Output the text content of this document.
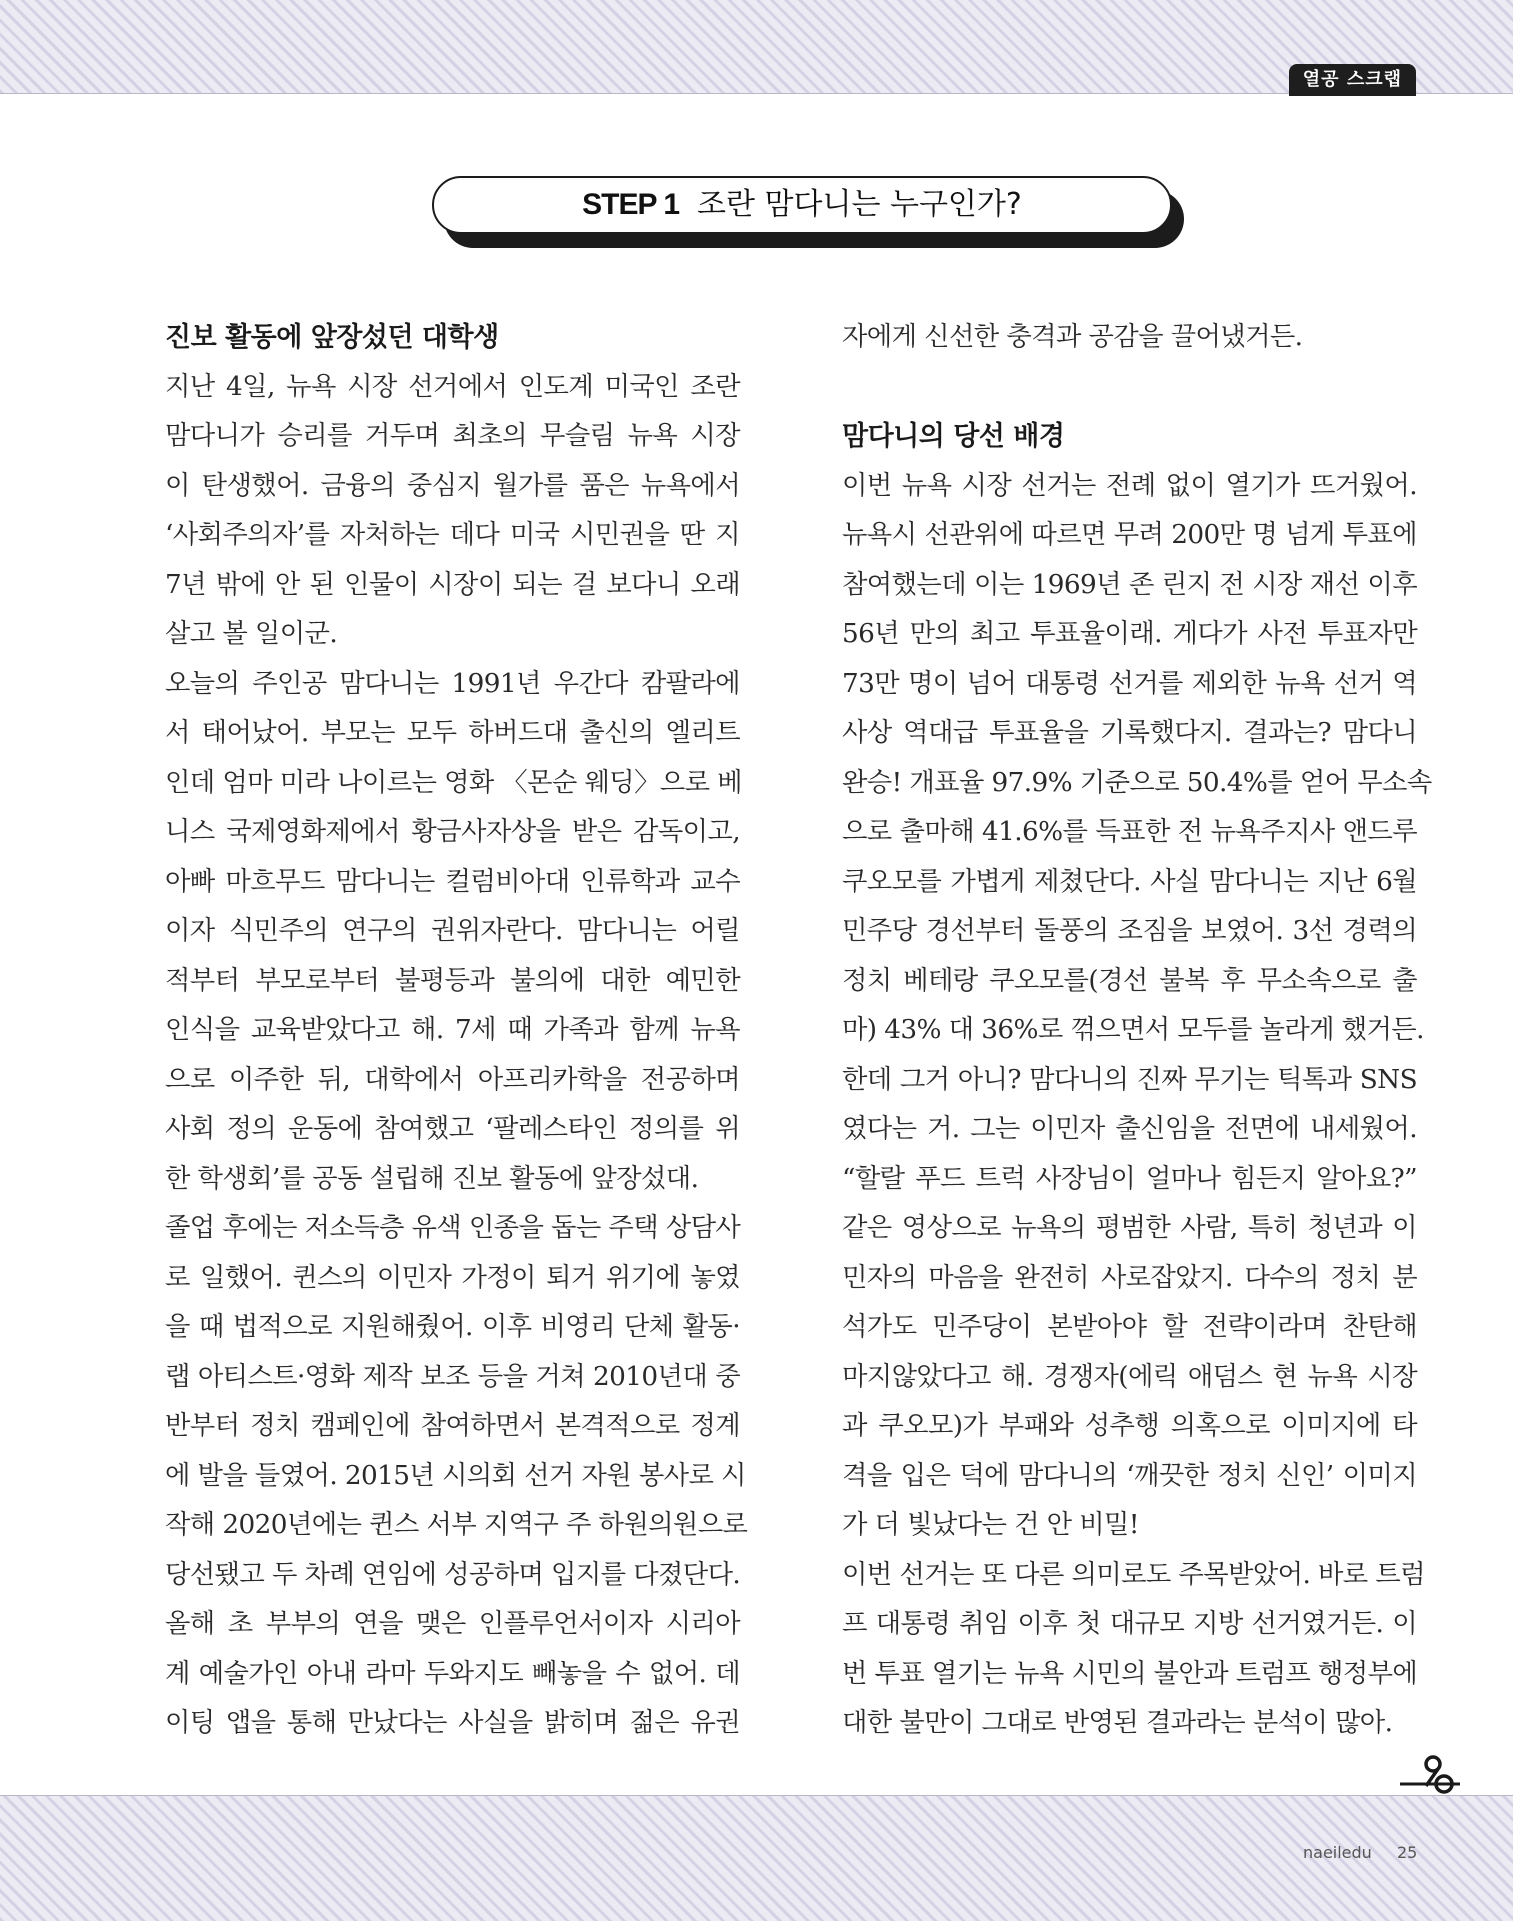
열공 스크랩
STEP 1 조란 맘다니는 누구인가?
진보 활동에 앞장섰던 대학생
지난 4일, 뉴욕 시장 선거에서 인도계 미국인 조란
맘다니가 승리를 거두며 최초의 무슬림 뉴욕 시장
이 탄생했어. 금융의 중심지 월가를 품은 뉴욕에서
‘사회주의자’를 자처하는 데다 미국 시민권을 딴 지
7년 밖에 안 된 인물이 시장이 되는 걸 보다니 오래
살고 볼 일이군.
오늘의 주인공 맘다니는 1991년 우간다 캄팔라에
서 태어났어. 부모는 모두 하버드대 출신의 엘리트
인데 엄마 미라 나이르는 영화 〈몬순 웨딩〉으로 베
니스 국제영화제에서 황금사자상을 받은 감독이고,
아빠 마흐무드 맘다니는 컬럼비아대 인류학과 교수
이자 식민주의 연구의 권위자란다. 맘다니는 어릴
적부터 부모로부터 불평등과 불의에 대한 예민한
인식을 교육받았다고 해. 7세 때 가족과 함께 뉴욕
으로 이주한 뒤, 대학에서 아프리카학을 전공하며
사회 정의 운동에 참여했고 ‘팔레스타인 정의를 위
한 학생회’를 공동 설립해 진보 활동에 앞장섰대.
졸업 후에는 저소득층 유색 인종을 돕는 주택 상담사
로 일했어. 퀸스의 이민자 가정이 퇴거 위기에 놓였
을 때 법적으로 지원해줬어. 이후 비영리 단체 활동·
랩 아티스트·영화 제작 보조 등을 거쳐 2010년대 중
반부터 정치 캠페인에 참여하면서 본격적으로 정계
에 발을 들였어. 2015년 시의회 선거 자원 봉사로 시
작해 2020년에는 퀸스 서부 지역구 주 하원의원으로
당선됐고 두 차례 연임에 성공하며 입지를 다졌단다.
올해 초 부부의 연을 맺은 인플루언서이자 시리아
계 예술가인 아내 라마 두와지도 빼놓을 수 없어. 데
이팅 앱을 통해 만났다는 사실을 밝히며 젊은 유권
자에게 신선한 충격과 공감을 끌어냈거든.
맘다니의 당선 배경
이번 뉴욕 시장 선거는 전례 없이 열기가 뜨거웠어.
뉴욕시 선관위에 따르면 무려 200만 명 넘게 투표에
참여했는데 이는 1969년 존 린지 전 시장 재선 이후
56년 만의 최고 투표율이래. 게다가 사전 투표자만
73만 명이 넘어 대통령 선거를 제외한 뉴욕 선거 역
사상 역대급 투표율을 기록했다지. 결과는? 맘다니
완승! 개표율 97.9% 기준으로 50.4%를 얻어 무소속
으로 출마해 41.6%를 득표한 전 뉴욕주지사 앤드루
쿠오모를 가볍게 제쳤단다. 사실 맘다니는 지난 6월
민주당 경선부터 돌풍의 조짐을 보였어. 3선 경력의
정치 베테랑 쿠오모를(경선 불복 후 무소속으로 출
마) 43% 대 36%로 꺾으면서 모두를 놀라게 했거든.
한데 그거 아니? 맘다니의 진짜 무기는 틱톡과 SNS
였다는 거. 그는 이민자 출신임을 전면에 내세웠어.
“할랄 푸드 트럭 사장님이 얼마나 힘든지 알아요?”
같은 영상으로 뉴욕의 평범한 사람, 특히 청년과 이
민자의 마음을 완전히 사로잡았지. 다수의 정치 분
석가도 민주당이 본받아야 할 전략이라며 찬탄해
마지않았다고 해. 경쟁자(에릭 애덤스 현 뉴욕 시장
과 쿠오모)가 부패와 성추행 의혹으로 이미지에 타
격을 입은 덕에 맘다니의 ‘깨끗한 정치 신인’ 이미지
가 더 빛났다는 건 안 비밀!
이번 선거는 또 다른 의미로도 주목받았어. 바로 트럼
프 대통령 취임 이후 첫 대규모 지방 선거였거든. 이
번 투표 열기는 뉴욕 시민의 불안과 트럼프 행정부에
대한 불만이 그대로 반영된 결과라는 분석이 많아.
naeiledu 25
